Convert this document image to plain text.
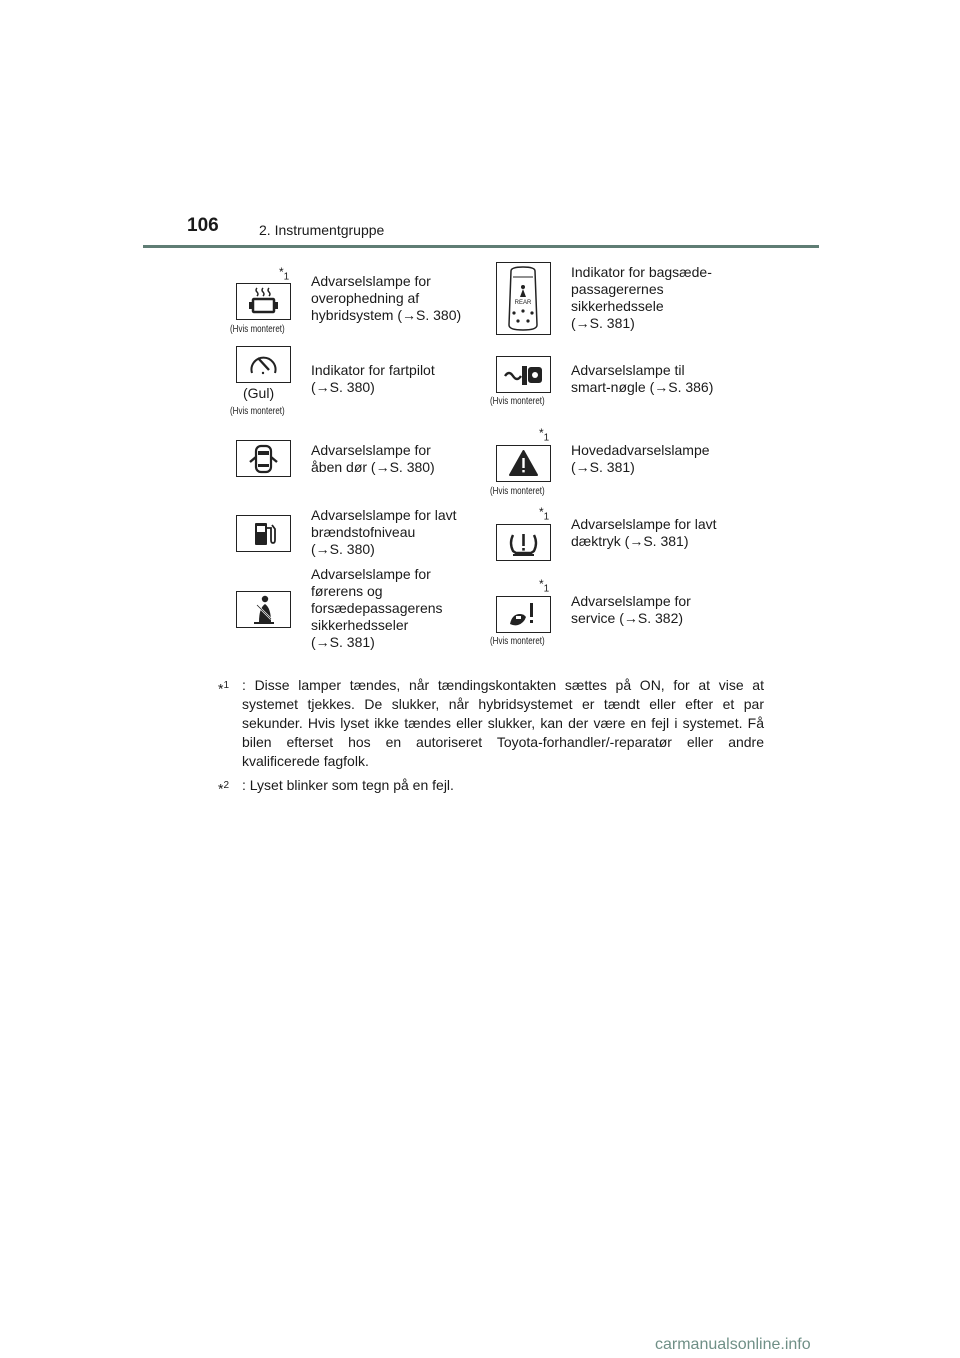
106	2. Instrumentgruppe
$*_1$
(Hvis monteret)
Advarselslampe for
overophedning af
hybridsystem (→S. 380)
REAR
Indikator for bagsæde-
passagerernes
sikkerhedssele
(→S. 381)
(Gul)
(Hvis monteret)
Indikator for fartpilot
(→S. 380)
(Hvis monteret)
Advarselslampe til
smart-nøgle (→S. 386)
Advarselslampe for
åben dør (→S. 380)
$*_1$
(Hvis monteret)
Hovedadvarselslampe
(→S. 381)
Advarselslampe for lavt
brændstofniveau
(→S. 380)
$*_1$ Advarselslampe for lavt
dæktryk (→S. 381)
Advarselslampe for
førerens og
forsædepassagerens
sikkerhedsseler
(→S. 381)
$*_1$
(Hvis monteret)
Advarselslampe for
service (→S. 382)
*$^1$ : Disse lamper tændes, når tændingskontakten sættes på ON, for at vise at systemet tjekkes. De slukker, når hybridsystemet er tændt eller efter et par sekunder. Hvis lyset ikke tændes eller slukker, kan der være en fejl i systemet. Få bilen efterset hos en autoriseret Toyota-forhandler/-reparatør eller andre kvalificerede fagfolk.
*$^2$ : Lyset blinker som tegn på en fejl.
carmanualsonline.info
